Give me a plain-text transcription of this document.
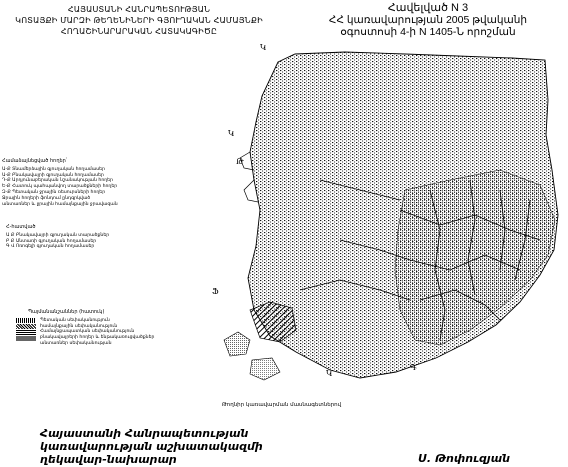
ՀԱՅԱՍՏԱՆԻ ՀԱՆՐԱՊԵՏՈՒԹՅԱՆ
ԿՈՏԱՅՔԻ ՄԱՐԶԻ ԹԵՂԵՆԻՆԵՐԻ ԳՅՈՒՂԱԿԱՆ ՀԱՄԱՅՆՔԻ
ՀՈՂԱՇԻՆԱՐԱՐԱԿԱՆ ՀԱՏԱԿԱԳԻԾԸ
Հավելված N 3
ՀՀ կառավարության 2005 թվականի
օգոստոսի 4-ի N 1405-Ն որոշման
Համաձայնեցված հողեր՝
Ա-Ք Տնամերձային գյուղական հողամասեր
Ա-Ք Բնակավայրի գյուղական հողամասեր
Դ-Ք Արդյունաբերական նշանակության հողեր
Ե-Ք Հատուկ պահպանվող տարածքների հողեր
Զ-Ք Պետական ջրային ռեսուրսների հողեր
Ջրային հողերի ֆոնդում ընդգրկված
անտառներ և ջրային համայնքային ջրավազան
Հ-հատված
Ա Ք Բնակավայրի գյուղական տարածքներ
Բ Ք Անտառի գյուղական հողամասեր
Գ Վ Ոռոգելի գյուղական հողամասեր
Պայմանանշաններ (հատուկ)
Պետական սեփականություն
համայնքային սեփականություն
Համայնքապատկան սեփականություն
բնակավայրերի հողեր և ենթակառուցվածքներ
անտառներ սեփականության
Կ
Կ
Թ
Ֆ
Կ
Գ
Թողնիր կառավարման մասնագետներով
Հայաստանի Հանրապետության
կառավարության աշխատակազմի
ղեկավար-նախարար	Ս. Թոփուզյան
